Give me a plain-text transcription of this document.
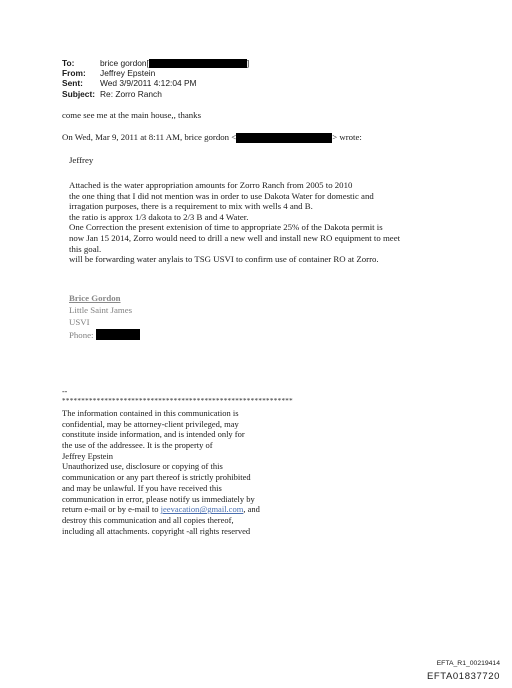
To:	brice gordon[	]
From:	Jeffrey Epstein
Sent:	Wed 3/9/2011 4:12:04 PM
Subject: Re: Zorro Ranch
come see me at the main house,, thanks
On Wed, Mar 9, 2011 at 8:11 AM, brice gordon <	> wrote:
Jeffrey
Attached is the water appropriation amounts for Zorro Ranch from 2005 to 2010
the one thing that I did not mention was in order to use Dakota Water for domestic and
irragation purposes, there is a requirement to mix with wells 4 and B.
the ratio is approx 1/3 dakota to 2/3 B and 4 Water.
One Correction the present extenision of time to appropriate 25% of the Dakota permit is
now Jan 15 2014, Zorro would need to drill a new well and install new RO equipment to meet
this goal.
will be forwarding water anylais to TSG USVI to confirm use of container RO at Zorro.
Brice Gordon
Little Saint James
USVI
Phone:
--
************************************************************
The information contained in this communication is
confidential, may be attorney-client privileged, may
constitute inside information, and is intended only for
the use of the addressee. It is the property of
Jeffrey Epstein
Unauthorized use, disclosure or copying of this
communication or any part thereof is strictly prohibited
and may be unlawful. If you have received this
communication in error, please notify us immediately by
return e-mail or by e-mail to jeevacation@gmail.com, and
destroy this communication and all copies thereof,
including all attachments. copyright -all rights reserved
EFTA_R1_00219414
EFTA01837720
